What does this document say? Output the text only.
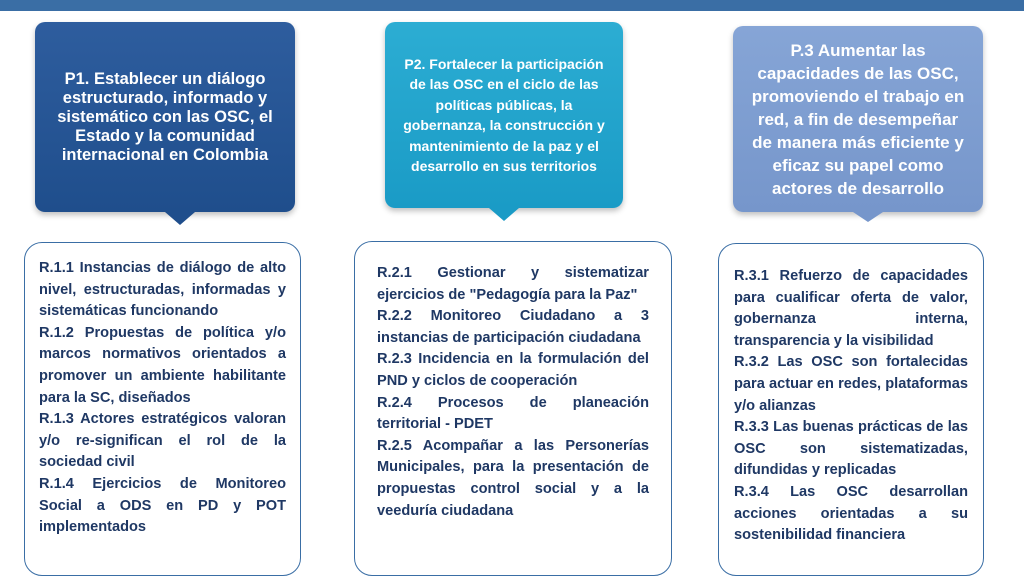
P1. Establecer un diálogo estructurado, informado y sistemático con las OSC, el Estado y la comunidad internacional en Colombia

R.1.1 Instancias de diálogo de alto nivel, estructuradas, informadas y sistemáticas funcionando

R.1.2 Propuestas de política y/o marcos normativos orientados a promover un ambiente habilitante para la SC, diseñados

R.1.3 Actores estratégicos valoran y/o re-significan el rol de la sociedad civil

R.1.4 Ejercicios de Monitoreo Social a ODS en PD y POT implementados

P2. Fortalecer la participación de las OSC en el ciclo de las políticas públicas, la gobernanza, la construcción y mantenimiento de la paz y el desarrollo en sus territorios

R.2.1 Gestionar y sistematizar ejercicios de "Pedagogía para la Paz"

R.2.2 Monitoreo Ciudadano a 3 instancias de participación ciudadana

R.2.3 Incidencia en la formulación del PND y ciclos de cooperación

R.2.4 Procesos de planeación territorial - PDET

R.2.5 Acompañar a las Personerías Municipales, para la presentación de propuestas control social y a la veeduría ciudadana

P.3 Aumentar las capacidades de las OSC, promoviendo el trabajo en red, a fin de desempeñar de manera más eficiente y eficaz su papel como actores de desarrollo

R.3.1 Refuerzo de capacidades para cualificar oferta de valor, gobernanza interna, transparencia y la visibilidad

R.3.2 Las OSC son fortalecidas para actuar en redes, plataformas y/o alianzas

R.3.3 Las buenas prácticas de las OSC son sistematizadas, difundidas y replicadas

R.3.4 Las OSC desarrollan acciones orientadas a su sostenibilidad financiera
